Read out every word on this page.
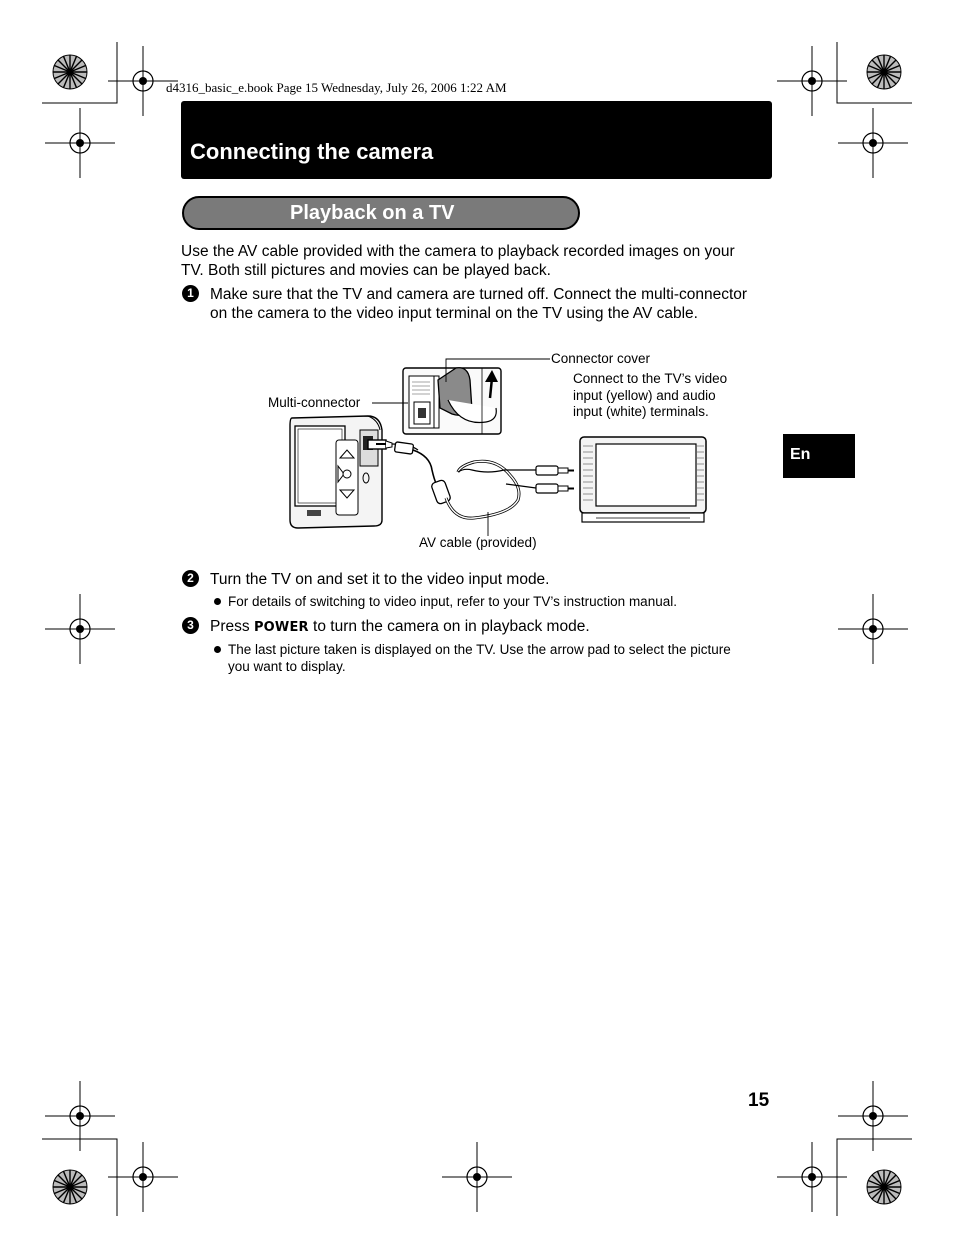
d4316_basic_e.book Page 15 Wednesday, July 26, 2006 1:22 AM
Connecting the camera
Playback on a TV
Use the AV cable provided with the camera to playback recorded images on your
TV. Both still pictures and movies can be played back.
1	Make sure that the TV and camera are turned off. Connect the multi-connector
on the camera to the video input terminal on the TV using the AV cable.
Connector cover
Connect to the TV’s video
input (yellow) and audio
input (white) terminals.
Multi-connector
AV cable (provided)
2	Turn the TV on and set it to the video input mode.
For details of switching to video input, refer to your TV’s instruction manual.
3	Press POWER to turn the camera on in playback mode.
The last picture taken is displayed on the TV. Use the arrow pad to select the picture
you want to display.
En
15
